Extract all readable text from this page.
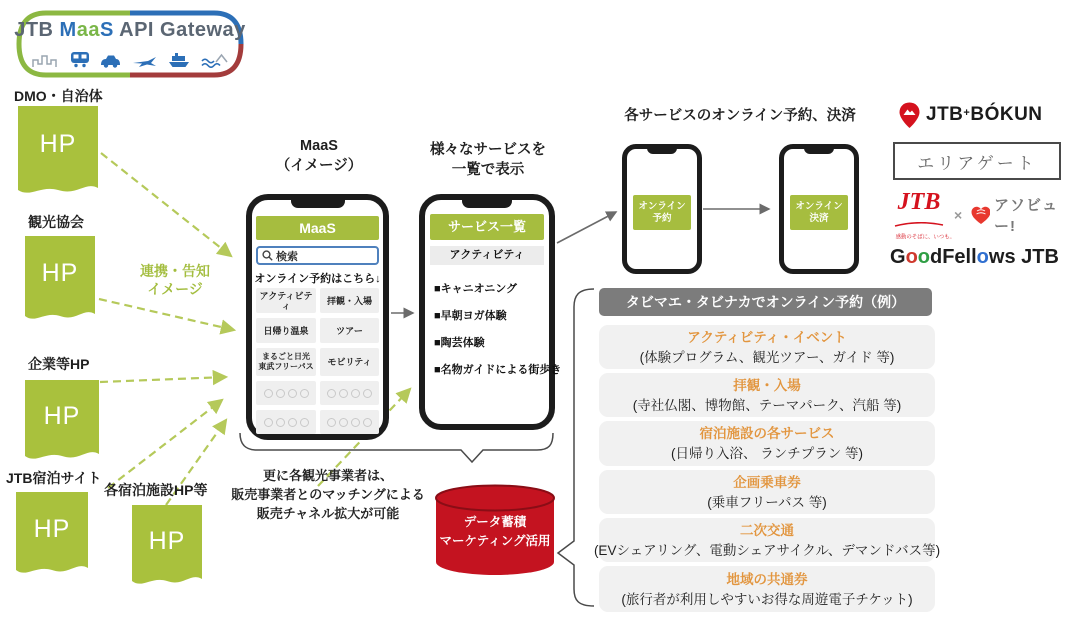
JTB MaaS API Gateway
DMO・自治体
HP
観光協会
HP
企業等HP
HP
JTB宿泊サイト
HP
各宿泊施設HP等
HP
連携・告知
イメージ
MaaS
（イメージ）
MaaS
検索
オンライン予約はこちら↓
アクティビティ	拝観・入場
日帰り温泉	ツアー
まるごと日光
東武フリーパス	モビリティ
様々なサービスを
一覧で表示
サービス一覧
アクティビティ
■キャニオニング
■早朝ヨガ体験
■陶芸体験
■名物ガイドによる街歩き
各サービスのオンライン予約、決済
オンライン
予約
オンライン
決済
JTB+BÓKUN
エリアゲート
JTB
感動のそばに、いつも。
×
アソビュー!
GoodFellows JTB
タビマエ・タビナカでオンライン予約（例）
アクティビティ・イベント
(体験プログラム、観光ツアー、ガイド 等)
拝観・入場
(寺社仏閣、博物館、テーマパーク、汽船 等)
宿泊施設の各サービス
(日帰り入浴、 ランチプラン 等)
企画乗車券
(乗車フリーパス 等)
二次交通
(EVシェアリング、電動シェアサイクル、デマンドバス等)
地域の共通券
(旅行者が利用しやすいお得な周遊電子チケット)
更に各観光事業者は、
販売事業者とのマッチングによる
販売チャネル拡大が可能
データ蓄積
マーケティング活用
